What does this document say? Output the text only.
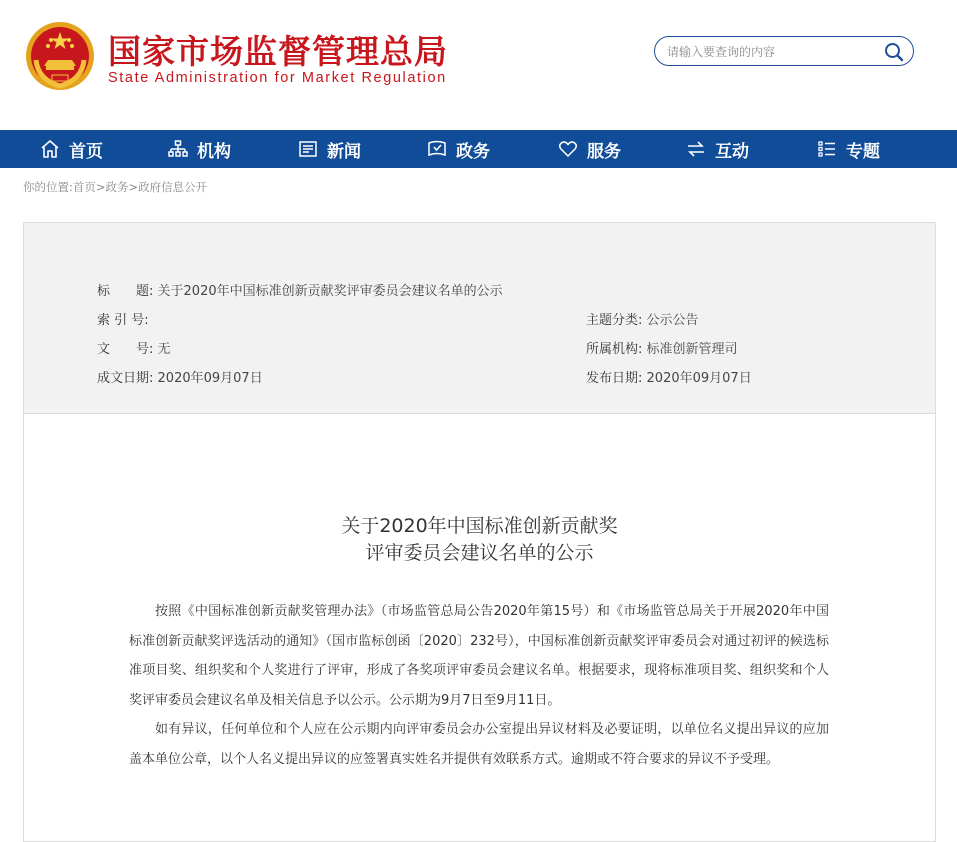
国家市场监督管理总局
State Administration for Market Regulation
请输入要查询的内容
首页	机构	新闻	政务	服务	互动	专题
你的位置:首页>政务>政府信息公开
标　　题: 关于2020年中国标准创新贡献奖评审委员会建议名单的公示
索 引 号:	主题分类: 公示公告
文　　号: 无	所属机构: 标准创新管理司
成文日期: 2020年09月07日	发布日期: 2020年09月07日
关于2020年中国标准创新贡献奖
评审委员会建议名单的公示

按照《中国标准创新贡献奖管理办法》（市场监管总局公告2020年第15号）和《市场监管总局关于开展2020年中国标准创新贡献奖评选活动的通知》（国市监标创函〔2020〕232号），中国标准创新贡献奖评审委员会对通过初评的候选标准项目奖、组织奖和个人奖进行了评审，形成了各奖项评审委员会建议名单。根据要求，现将标准项目奖、组织奖和个人奖评审委员会建议名单及相关信息予以公示。公示期为9月7日至9月11日。

如有异议，任何单位和个人应在公示期内向评审委员会办公室提出异议材料及必要证明，以单位名义提出异议的应加盖本单位公章，以个人名义提出异议的应签署真实姓名并提供有效联系方式。逾期或不符合要求的异议不予受理。
